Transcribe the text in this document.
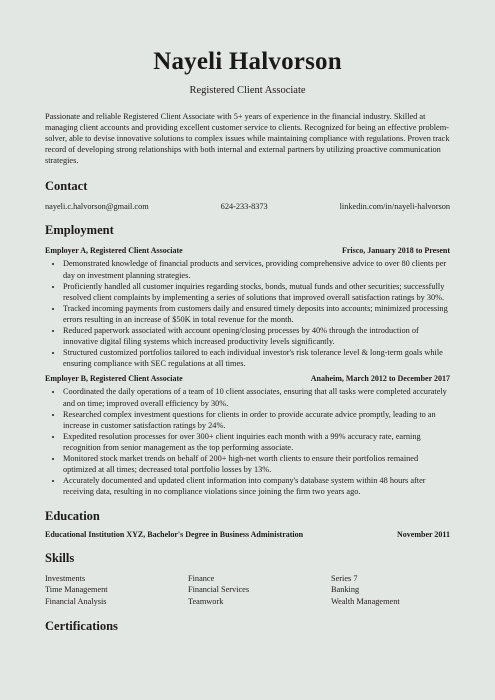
Nayeli Halvorson
Registered Client Associate
Passionate and reliable Registered Client Associate with 5+ years of experience in the financial industry. Skilled at managing client accounts and providing excellent customer service to clients. Recognized for being an effective problem-solver, able to devise innovative solutions to complex issues while maintaining compliance with regulations. Proven track record of developing strong relationships with both internal and external partners by utilizing proactive communication strategies.
Contact
nayeli.c.halvorson@gmail.com	624-233-8373	linkedin.com/in/nayeli-halvorson
Employment
Employer A, Registered Client Associate	Frisco, January 2018 to Present
• Demonstrated knowledge of financial products and services, providing comprehensive advice to over 80 clients per day on investment planning strategies.
• Proficiently handled all customer inquiries regarding stocks, bonds, mutual funds and other securities; successfully resolved client complaints by implementing a series of solutions that improved overall satisfaction ratings by 30%.
• Tracked incoming payments from customers daily and ensured timely deposits into accounts; minimized processing errors resulting in an increase of $50K in total revenue for the month.
• Reduced paperwork associated with account opening/closing processes by 40% through the introduction of innovative digital filing systems which increased productivity levels significantly.
• Structured customized portfolios tailored to each individual investor's risk tolerance level & long-term goals while ensuring compliance with SEC regulations at all times.
Employer B, Registered Client Associate	Anaheim, March 2012 to December 2017
• Coordinated the daily operations of a team of 10 client associates, ensuring that all tasks were completed accurately and on time; improved overall efficiency by 30%.
• Researched complex investment questions for clients in order to provide accurate advice promptly, leading to an increase in customer satisfaction ratings by 24%.
• Expedited resolution processes for over 300+ client inquiries each month with a 99% accuracy rate, earning recognition from senior management as the top performing associate.
• Monitored stock market trends on behalf of 200+ high-net worth clients to ensure their portfolios remained optimized at all times; decreased total portfolio losses by 13%.
• Accurately documented and updated client information into company's database system within 48 hours after receiving data, resulting in no compliance violations since joining the firm two years ago.
Education
Educational Institution XYZ, Bachelor's Degree in Business Administration	November 2011
Skills
Investments	Finance	Series 7
Time Management	Financial Services	Banking
Financial Analysis	Teamwork	Wealth Management
Certifications
